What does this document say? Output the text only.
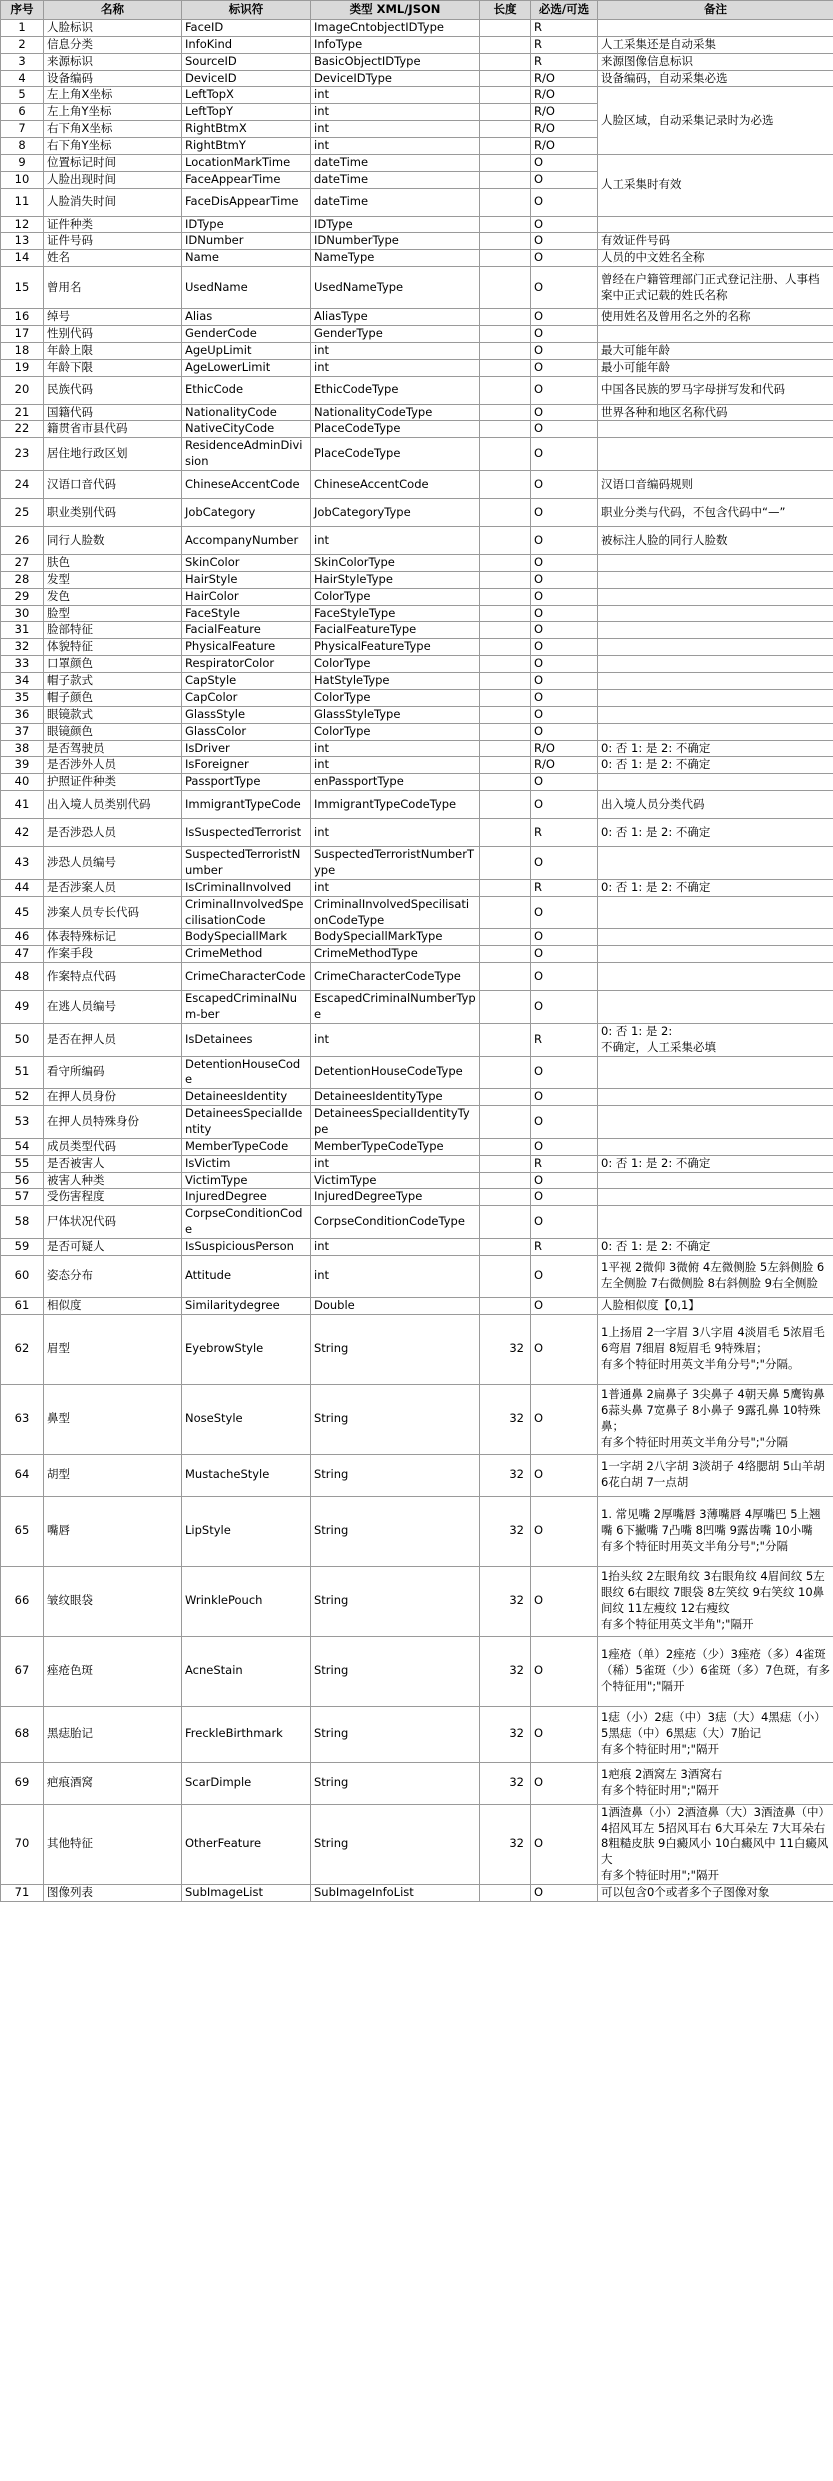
序号	名称	标识符	类型 XML/JSON	长度	必选/可选	备注
1	人脸标识	FaceID	ImageCntobjectIDType		R	
2	信息分类	InfoKind	InfoType		R	人工采集还是自动采集
3	来源标识	SourceID	BasicObjectIDType		R	来源图像信息标识
4	设备编码	DeviceID	DeviceIDType		R/O	设备编码，自动采集必选
5	左上角X坐标	LeftTopX	int		R/O	人脸区域，自动采集记录时为必选
6	左上角Y坐标	LeftTopY	int		R/O	
7	右下角X坐标	RightBtmX	int		R/O	
8	右下角Y坐标	RightBtmY	int		R/O	
9	位置标记时间	LocationMarkTime	dateTime		O	人工采集时有效
10	人脸出现时间	FaceAppearTime	dateTime		O	
11	人脸消失时间	FaceDisAppearTime	dateTime		O	
12	证件种类	IDType	IDType		O	
13	证件号码	IDNumber	IDNumberType		O	有效证件号码
14	姓名	Name	NameType		O	人员的中文姓名全称
15	曾用名	UsedName	UsedNameType		O	曾经在户籍管理部门正式登记注册、人事档案中正式记载的姓氏名称
16	绰号	Alias	AliasType		O	使用姓名及曾用名之外的名称
17	性别代码	GenderCode	GenderType		O	
18	年龄上限	AgeUpLimit	int		O	最大可能年龄
19	年龄下限	AgeLowerLimit	int		O	最小可能年龄
20	民族代码	EthicCode	EthicCodeType		O	中国各民族的罗马字母拼写发和代码
21	国籍代码	NationalityCode	NationalityCodeType		O	世界各种和地区名称代码
22	籍贯省市县代码	NativeCityCode	PlaceCodeType		O	
23	居住地行政区划	ResidenceAdminDivision	PlaceCodeType		O	
24	汉语口音代码	ChineseAccentCode	ChineseAccentCode		O	汉语口音编码规则
25	职业类别代码	JobCategory	JobCategoryType		O	职业分类与代码，不包含代码中“—”
26	同行人脸数	AccompanyNumber	int		O	被标注人脸的同行人脸数
27	肤色	SkinColor	SkinColorType		O	
28	发型	HairStyle	HairStyleType		O	
29	发色	HairColor	ColorType		O	
30	脸型	FaceStyle	FaceStyleType		O	
31	脸部特征	FacialFeature	FacialFeatureType		O	
32	体貌特征	PhysicalFeature	PhysicalFeatureType		O	
33	口罩颜色	RespiratorColor	ColorType		O	
34	帽子款式	CapStyle	HatStyleType		O	
35	帽子颜色	CapColor	ColorType		O	
36	眼镜款式	GlassStyle	GlassStyleType		O	
37	眼镜颜色	GlassColor	ColorType		O	
38	是否驾驶员	IsDriver	int		R/O	0: 否 1: 是 2: 不确定
39	是否涉外人员	IsForeigner	int		R/O	0: 否 1: 是 2: 不确定
40	护照证件种类	PassportType	enPassportType		O	
41	出入境人员类别代码	ImmigrantTypeCode	ImmigrantTypeCodeType		O	出入境人员分类代码
42	是否涉恐人员	IsSuspectedTerrorist	int		R	0: 否 1: 是 2: 不确定
43	涉恐人员编号	SuspectedTerroristNumber	SuspectedTerroristNumberType		O	
44	是否涉案人员	IsCriminalInvolved	int		R	0: 否 1: 是 2: 不确定
45	涉案人员专长代码	CriminalInvolvedSpecilisationCode	CriminalInvolvedSpecilisationCodeType		O	
46	体表特殊标记	BodySpeciallMark	BodySpeciallMarkType		O	
47	作案手段	CrimeMethod	CrimeMethodType		O	
48	作案特点代码	CrimeCharacterCode	CrimeCharacterCodeType		O	
49	在逃人员编号	EscapedCriminalNum-ber	EscapedCriminalNumberType		O	
50	是否在押人员	IsDetainees	int		R	0: 否 1: 是 2:
不确定，人工采集必填
51	看守所编码	DetentionHouseCode	DetentionHouseCodeType		O	
52	在押人员身份	DetaineesIdentity	DetaineesIdentityType		O	
53	在押人员特殊身份	DetaineesSpecialIdentity	DetaineesSpecialIdentityType		O	
54	成员类型代码	MemberTypeCode	MemberTypeCodeType		O	
55	是否被害人	IsVictim	int		R	0: 否 1: 是 2: 不确定
56	被害人种类	VictimType	VictimType		O	
57	受伤害程度	InjuredDegree	InjuredDegreeType		O	
58	尸体状况代码	CorpseConditionCode	CorpseConditionCodeType		O	
59	是否可疑人	IsSuspiciousPerson	int		R	0: 否 1: 是 2: 不确定
60	姿态分布	Attitude	int		O	1平视 2微仰 3微俯 4左微侧脸 5左斜侧脸 6左全侧脸 7右微侧脸 8右斜侧脸 9右全侧脸
61	相似度	Similaritydegree	Double		O	人脸相似度【0,1】
62	眉型	EyebrowStyle	String	32	O	1上扬眉 2一字眉 3八字眉 4淡眉毛 5浓眉毛 6弯眉 7细眉 8短眉毛 9特殊眉；
有多个特征时用英文半角分号";"分隔。
63	鼻型	NoseStyle	String	32	O	1普通鼻 2扁鼻子 3尖鼻子 4朝天鼻 5鹰钩鼻 6蒜头鼻 7宽鼻子 8小鼻子 9露孔鼻 10特殊鼻；
有多个特征时用英文半角分号";"分隔
64	胡型	MustacheStyle	String	32	O	1一字胡 2八字胡 3淡胡子 4络腮胡 5山羊胡 6花白胡 7一点胡
65	嘴唇	LipStyle	String	32	O	1. 常见嘴 2厚嘴唇 3薄嘴唇 4厚嘴巴 5上翘嘴 6下撇嘴 7凸嘴 8凹嘴 9露齿嘴 10小嘴
有多个特征时用英文半角分号";"分隔
66	皱纹眼袋	WrinklePouch	String	32	O	1抬头纹 2左眼角纹 3右眼角纹 4眉间纹 5左眼纹 6右眼纹 7眼袋 8左笑纹 9右笑纹 10鼻间纹 11左瘦纹 12右瘦纹
有多个特征用英文半角";"隔开
67	痤疮色斑	AcneStain	String	32	O	1痤疮（单）2痤疮（少）3痤疮（多）4雀斑（稀）5雀斑（少）6雀斑（多）7色斑，有多个特征用";"隔开
68	黑痣胎记	FreckleBirthmark	String	32	O	1痣（小）2痣（中）3痣（大）4黑痣（小）5黑痣（中）6黑痣（大）7胎记
有多个特征时用";"隔开
69	疤痕酒窝	ScarDimple	String	32	O	1疤痕 2酒窝左 3酒窝右
有多个特征时用";"隔开
70	其他特征	OtherFeature	String	32	O	1酒渣鼻（小）2酒渣鼻（大）3酒渣鼻（中）4招风耳左 5招风耳右 6大耳朵左 7大耳朵右 8粗糙皮肤 9白癜风小 10白癜风中 11白癜风大
有多个特征时用";"隔开
71	图像列表	SubImageList	SubImageInfoList		O	可以包含0个或者多个子图像对象
